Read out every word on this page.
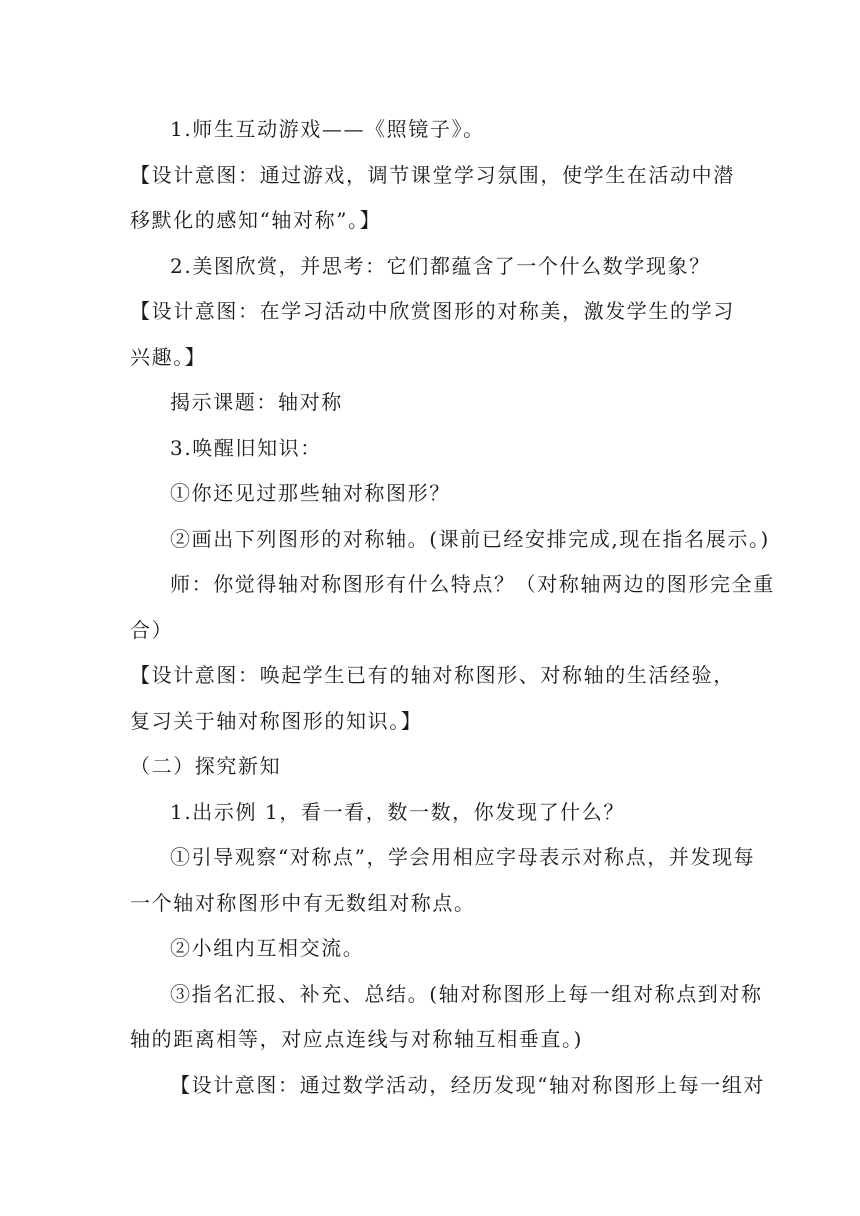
1.师生互动游戏——《照镜子》。
【设计意图：通过游戏，调节课堂学习氛围，使学生在活动中潜
移默化的感知“轴对称”。】
2.美图欣赏，并思考：它们都蕴含了一个什么数学现象？
【设计意图：在学习活动中欣赏图形的对称美，激发学生的学习
兴趣。】
揭示课题：轴对称
3.唤醒旧知识：
①你还见过那些轴对称图形？
②画出下列图形的对称轴。(课前已经安排完成,现在指名展示。)
师：你觉得轴对称图形有什么特点？（对称轴两边的图形完全重
合）
【设计意图：唤起学生已有的轴对称图形、对称轴的生活经验，
复习关于轴对称图形的知识。】
（二）探究新知
1.出示例 1，看一看，数一数，你发现了什么？
①引导观察“对称点”，学会用相应字母表示对称点，并发现每
一个轴对称图形中有无数组对称点。
②小组内互相交流。
③指名汇报、补充、总结。(轴对称图形上每一组对称点到对称
轴的距离相等，对应点连线与对称轴互相垂直。)
【设计意图：通过数学活动，经历发现“轴对称图形上每一组对
